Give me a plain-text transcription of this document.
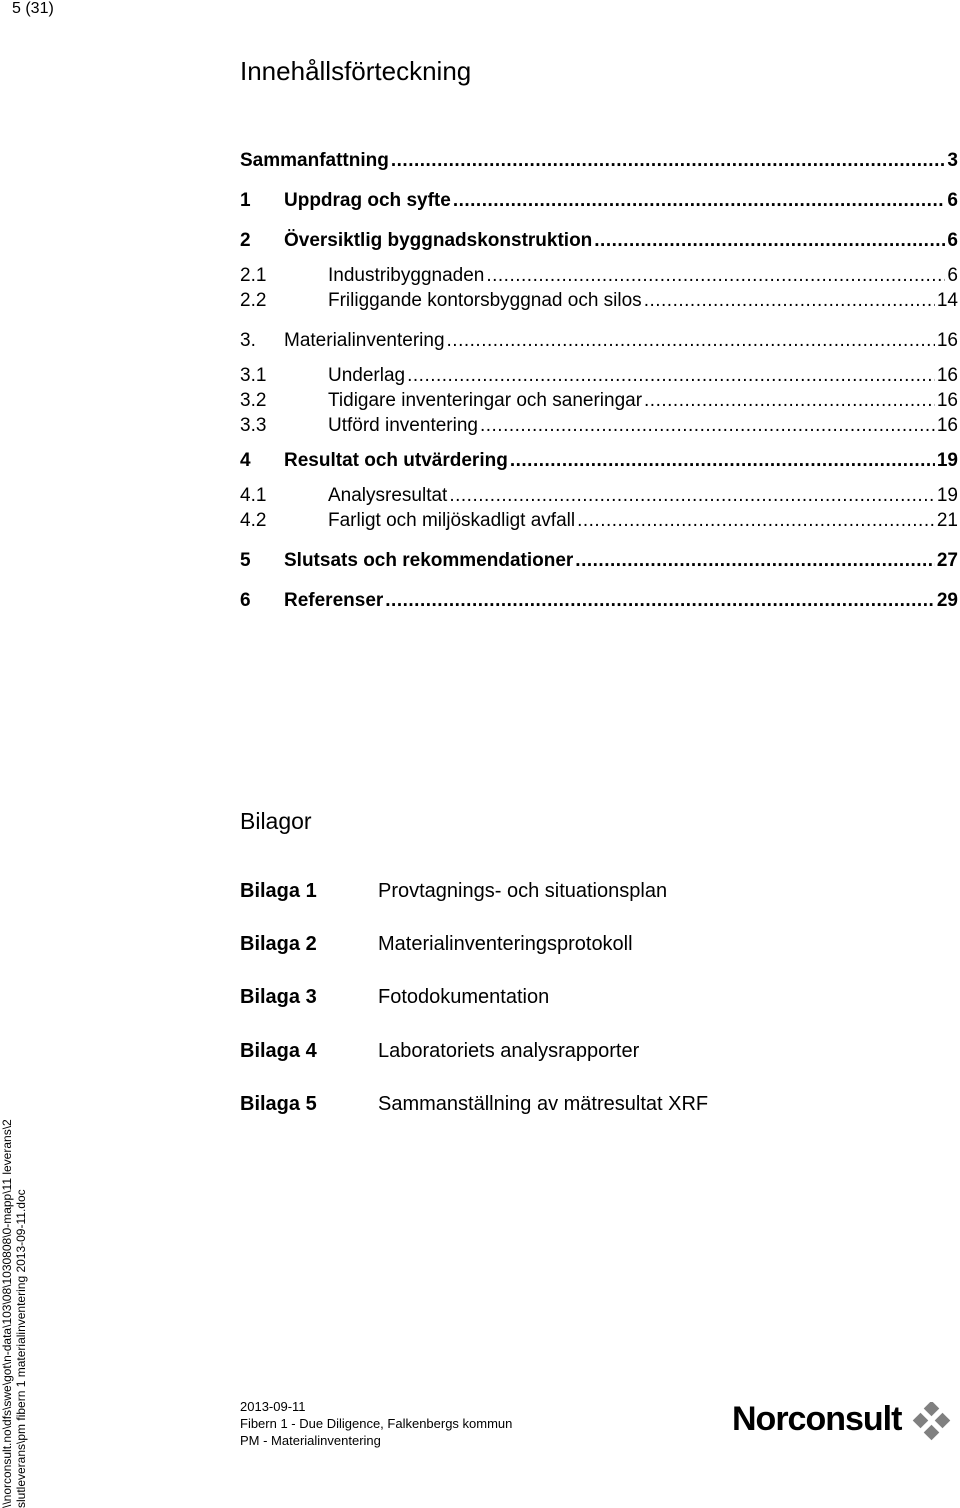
5 (31)
Innehållsförteckning
Sammanfattning .....	3
1	Uppdrag och syfte .....	6
2	Översiktlig byggnadskonstruktion .....	6
2.1	Industribyggnaden .....	6
2.2	Friliggande kontorsbyggnad och silos .....	14
3.	Materialinventering .....	16
3.1	Underlag .....	16
3.2	Tidigare inventeringar och saneringar .....	16
3.3	Utförd inventering .....	16
4	Resultat och utvärdering .....	19
4.1	Analysresultat .....	19
4.2	Farligt och miljöskadligt avfall .....	21
5	Slutsats och rekommendationer .....	27
6	Referenser .....	29
Bilagor
Bilaga 1	Provtagnings- och situationsplan
Bilaga 2	Materialinventeringsprotokoll
Bilaga 3	Fotodokumentation
Bilaga 4	Laboratoriets analysrapporter
Bilaga 5	Sammanställning av mätresultat XRF
\\norconsult.no\dfs\swe\got\n-data\103\08\1030808\0-mapp\11 leverans\2 slutleverans\pm fibern 1 materialinventering 2013-09-11.doc	2013-09-11
Fibern 1 - Due Diligence, Falkenbergs kommun
PM - Materialinventering
Norconsult
